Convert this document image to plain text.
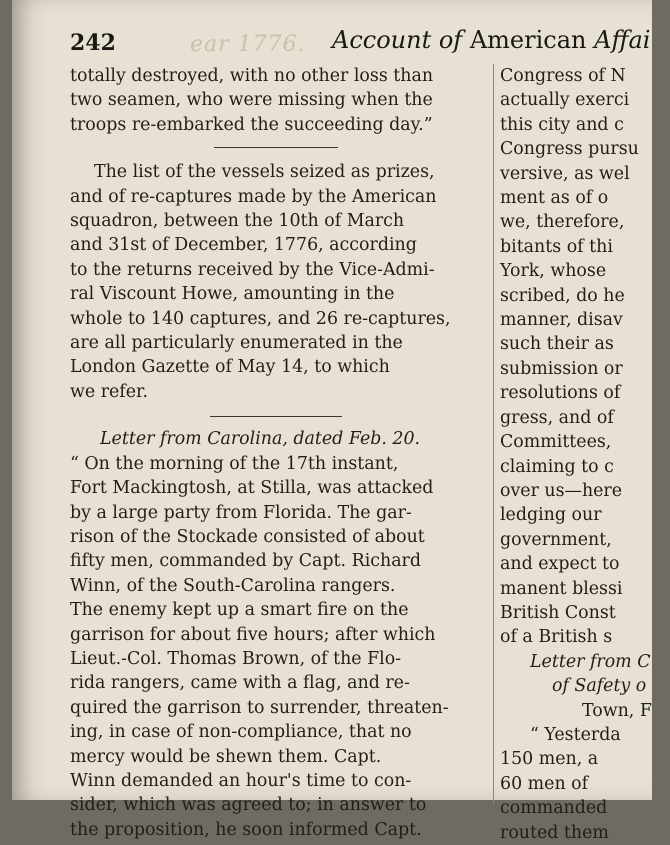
ear 1776.
242	Account of American Affai

totally destroyed, with no other loss than
two seamen, who were missing when the
troops re-embarked the succeeding day.”

The list of the vessels seized as prizes,
and of re-captures made by the American
squadron, between the 10th of March
and 31st of December, 1776, according
to the returns received by the Vice-Admi-
ral Viscount Howe, amounting in the
whole to 140 captures, and 26 re-captures,
are all particularly enumerated in the
London Gazette of May 14, to which
we refer.

Letter from Carolina, dated Feb. 20.

“ On the morning of the 17th instant,
Fort Mackingtosh, at Stilla, was attacked
by a large party from Florida. The gar-
rison of the Stockade consisted of about
fifty men, commanded by Capt. Richard
Winn, of the South-Carolina rangers.
The enemy kept up a smart fire on the
garrison for about five hours; after which
Lieut.-Col. Thomas Brown, of the Flo-
rida rangers, came with a flag, and re-
quired the garrison to surrender, threaten-
ing, in case of non-compliance, that no
mercy would be shewn them. Capt.
Winn demanded an hour's time to con-
sider, which was agreed to; in answer to
the proposition, he soon informed Capt.

Congress of N
actually exerci
this city and c
Congress pursu
versive, as wel
ment as of o
we, therefore,
bitants of thi
York, whose
scribed, do he
manner, disav
such their as
submission or
resolutions of
gress, and of
Committees,
claiming to c
over us—here
ledging our
government,
and expect to
manent blessi
British Const
of a British s
Letter from C
of Safety o
Town, F
“ Yesterda
150 men, a
60 men of
commanded
routed them
